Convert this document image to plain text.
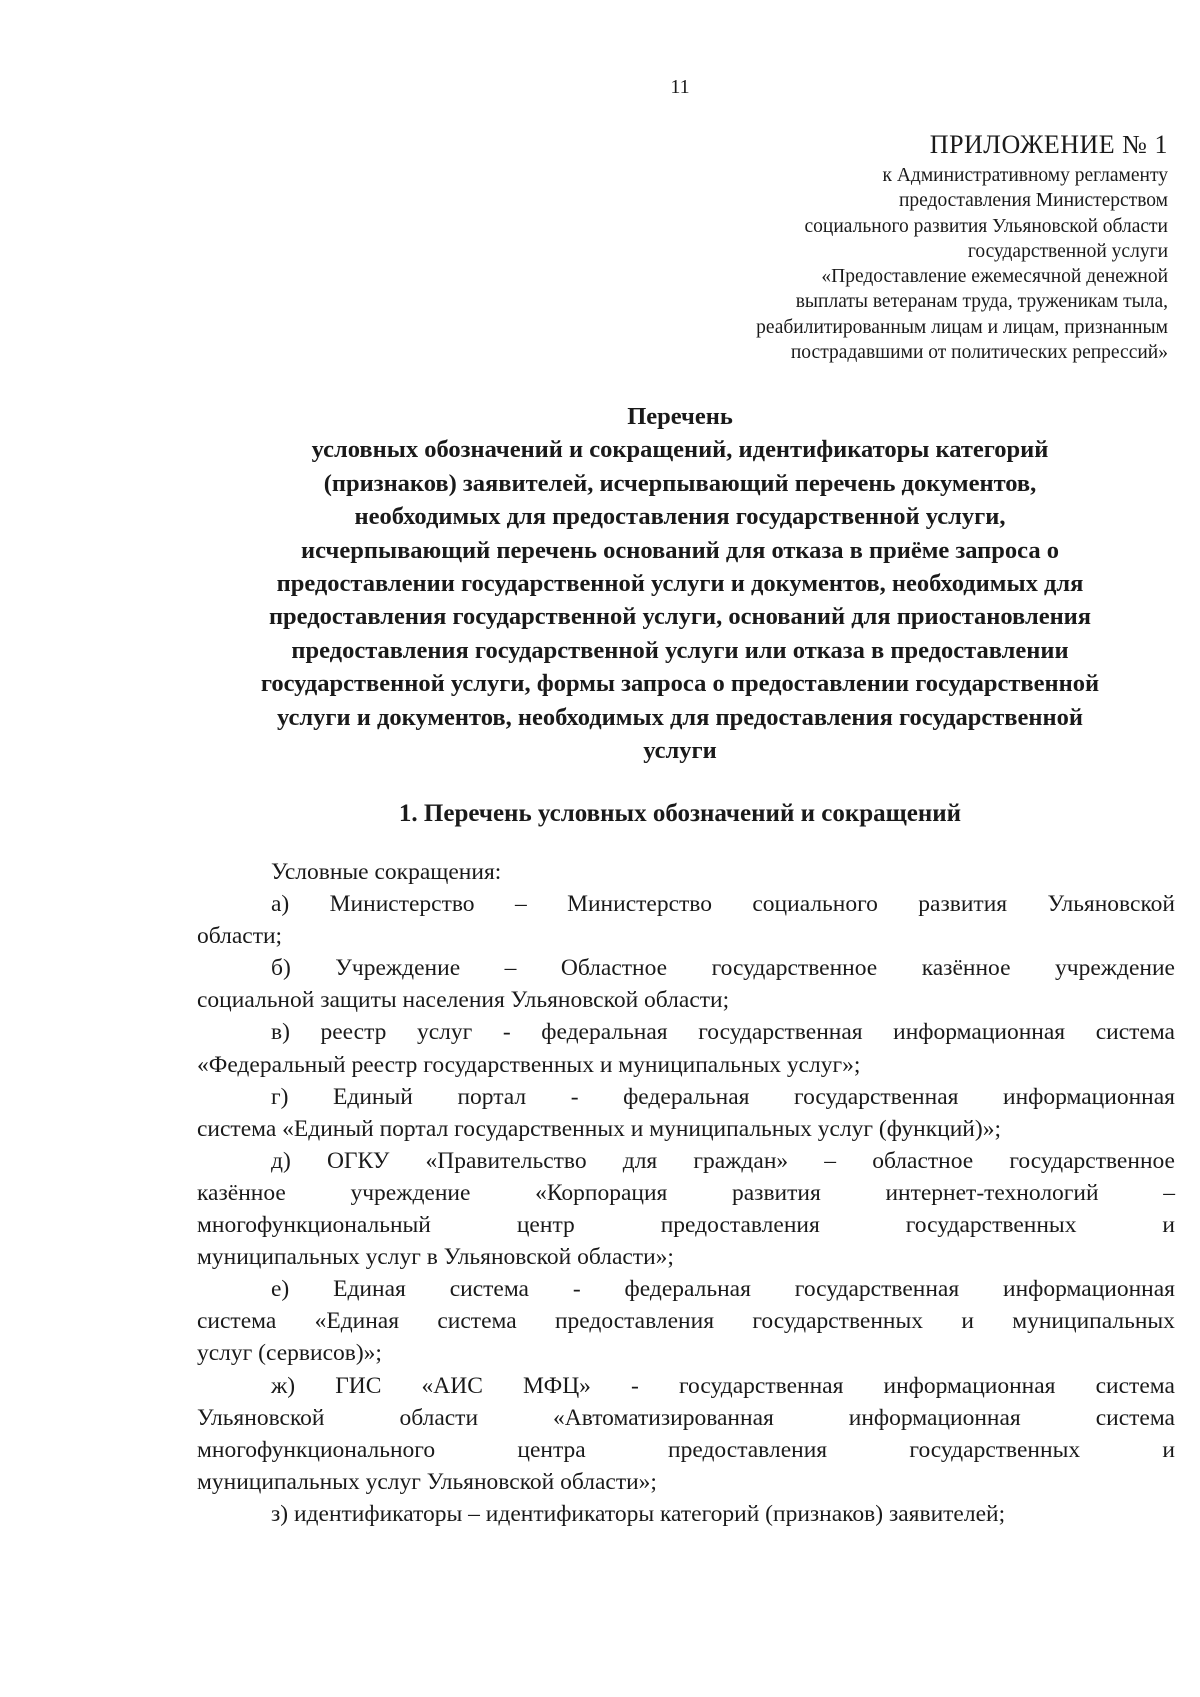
11
ПРИЛОЖЕНИЕ № 1
к Административному регламенту
предоставления Министерством
социального развития Ульяновской области
государственной услуги
«Предоставление ежемесячной денежной
выплаты ветеранам труда, труженикам тыла,
реабилитированным лицам и лицам, признанным
пострадавшими от политических репрессий»
Перечень
условных обозначений и сокращений, идентификаторы категорий
(признаков) заявителей, исчерпывающий перечень документов,
необходимых для предоставления государственной услуги,
исчерпывающий перечень оснований для отказа в приёме запроса о
предоставлении государственной услуги и документов, необходимых для
предоставления государственной услуги, оснований для приостановления
предоставления государственной услуги или отказа в предоставлении
государственной услуги, формы запроса о предоставлении государственной
услуги и документов, необходимых для предоставления государственной
услуги
1. Перечень условных обозначений и сокращений
Условные сокращения:
а) Министерство – Министерство социального развития Ульяновской
области;
б) Учреждение – Областное государственное казённое учреждение
социальной защиты населения Ульяновской области;
в) реестр услуг - федеральная государственная информационная система
«Федеральный реестр государственных и муниципальных услуг»;
г) Единый портал - федеральная государственная информационная
система «Единый портал государственных и муниципальных услуг (функций)»;
д) ОГКУ «Правительство для граждан» – областное государственное
казённое	учреждение	«Корпорация	развития	интернет-технологий	–
многофункциональный	центр	предоставления	государственных	и
муниципальных услуг в Ульяновской области»;
е) Единая система - федеральная государственная информационная
система «Единая система предоставления государственных и муниципальных
услуг (сервисов)»;
ж) ГИС «АИС МФЦ» - государственная информационная система
Ульяновской	области	«Автоматизированная	информационная	система
многофункционального	центра	предоставления	государственных	и
муниципальных услуг Ульяновской области»;
з) идентификаторы – идентификаторы категорий (признаков) заявителей;
